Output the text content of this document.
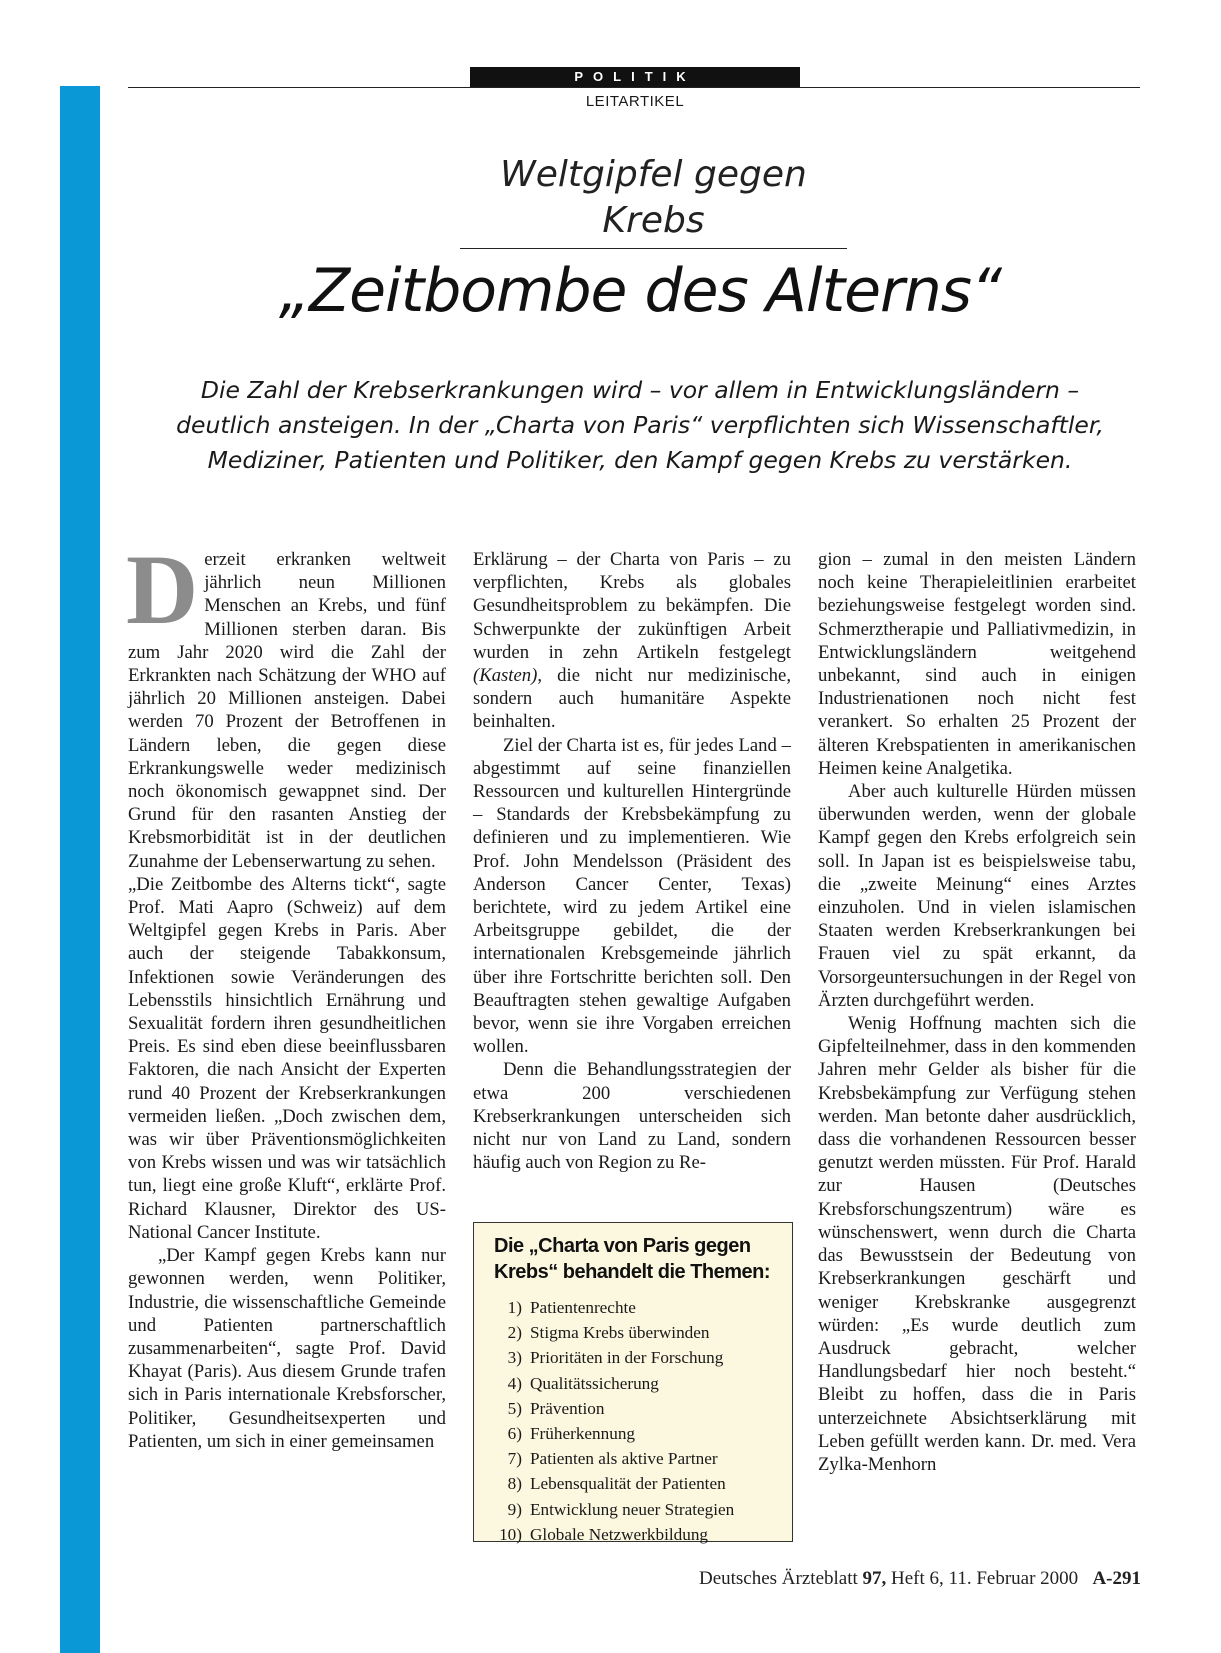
POLITIK
LEITARTIKEL
Weltgipfel gegen Krebs
„Zeitbombe des Alterns“
Die Zahl der Krebserkrankungen wird – vor allem in Entwicklungsländern – deutlich ansteigen. In der „Charta von Paris“ verpflichten sich Wissenschaftler, Mediziner, Patienten und Politiker, den Kampf gegen Krebs zu verstärken.

Derzeit erkranken weltweit jährlich neun Millionen Menschen an Krebs, und fünf Millionen sterben daran. Bis zum Jahr 2020 wird die Zahl der Erkrankten nach Schätzung der WHO auf jährlich 20 Millionen ansteigen. Dabei werden 70 Prozent der Betroffenen in Ländern leben, die gegen diese Erkrankungswelle weder medizinisch noch ökonomisch gewappnet sind. Der Grund für den rasanten Anstieg der Krebsmorbidität ist in der deutlichen Zunahme der Lebenserwartung zu sehen.

„Die Zeitbombe des Alterns tickt“, sagte Prof. Mati Aapro (Schweiz) auf dem Weltgipfel gegen Krebs in Paris. Aber auch der steigende Tabakkonsum, Infektionen sowie Veränderungen des Lebensstils hinsichtlich Ernährung und Sexualität fordern ihren gesundheitlichen Preis. Es sind eben diese beeinflussbaren Faktoren, die nach Ansicht der Experten rund 40 Prozent der Krebserkrankungen vermeiden ließen. „Doch zwischen dem, was wir über Präventionsmöglichkeiten von Krebs wissen und was wir tatsächlich tun, liegt eine große Kluft“, erklärte Prof. Richard Klausner, Direktor des US-National Cancer Institute.

„Der Kampf gegen Krebs kann nur gewonnen werden, wenn Politiker, Industrie, die wissenschaftliche Gemeinde und Patienten partnerschaftlich zusammenarbeiten“, sagte Prof. David Khayat (Paris). Aus diesem Grunde trafen sich in Paris internationale Krebsforscher, Politiker, Gesundheitsexperten und Patienten, um sich in einer gemeinsamen

Erklärung – der Charta von Paris – zu verpflichten, Krebs als globales Gesundheitsproblem zu bekämpfen. Die Schwerpunkte der zukünftigen Arbeit wurden in zehn Artikeln festgelegt (Kasten), die nicht nur medizinische, sondern auch humanitäre Aspekte beinhalten.

Ziel der Charta ist es, für jedes Land – abgestimmt auf seine finanziellen Ressourcen und kulturellen Hintergründe – Standards der Krebsbekämpfung zu definieren und zu implementieren. Wie Prof. John Mendelsson (Präsident des Anderson Cancer Center, Texas) berichtete, wird zu jedem Artikel eine Arbeitsgruppe gebildet, die der internationalen Krebsgemeinde jährlich über ihre Fortschritte berichten soll. Den Beauftragten stehen gewaltige Aufgaben bevor, wenn sie ihre Vorgaben erreichen wollen.

Denn die Behandlungsstrategien der etwa 200 verschiedenen Krebserkrankungen unterscheiden sich nicht nur von Land zu Land, sondern häufig auch von Region zu Re-

gion – zumal in den meisten Ländern noch keine Therapieleitlinien erarbeitet beziehungsweise festgelegt worden sind. Schmerztherapie und Palliativmedizin, in Entwicklungsländern weitgehend unbekannt, sind auch in einigen Industrienationen noch nicht fest verankert. So erhalten 25 Prozent der älteren Krebspatienten in amerikanischen Heimen keine Analgetika.

Aber auch kulturelle Hürden müssen überwunden werden, wenn der globale Kampf gegen den Krebs erfolgreich sein soll. In Japan ist es beispielsweise tabu, die „zweite Meinung“ eines Arztes einzuholen. Und in vielen islamischen Staaten werden Krebserkrankungen bei Frauen viel zu spät erkannt, da Vorsorgeuntersuchungen in der Regel von Ärzten durchgeführt werden.

Wenig Hoffnung machten sich die Gipfelteilnehmer, dass in den kommenden Jahren mehr Gelder als bisher für die Krebsbekämpfung zur Verfügung stehen werden. Man betonte daher ausdrücklich, dass die vorhandenen Ressourcen besser genutzt werden müssten. Für Prof. Harald zur Hausen (Deutsches Krebsforschungszentrum) wäre es wünschenswert, wenn durch die Charta das Bewusstsein der Bedeutung von Krebserkrankungen geschärft und weniger Krebskranke ausgegrenzt würden: „Es wurde deutlich zum Ausdruck gebracht, welcher Handlungsbedarf hier noch besteht.“ Bleibt zu hoffen, dass die in Paris unterzeichnete Absichtserklärung mit Leben gefüllt werden kann. Dr. med. Vera Zylka-Menhorn

Die „Charta von Paris gegen Krebs“ behandelt die Themen:
1) Patientenrechte
2) Stigma Krebs überwinden
3) Prioritäten in der Forschung
4) Qualitätssicherung
5) Prävention
6) Früherkennung
7) Patienten als aktive Partner
8) Lebensqualität der Patienten
9) Entwicklung neuer Strategien
10) Globale Netzwerkbildung
Deutsches Ärzteblatt 97, Heft 6, 11. Februar 2000 A-291
